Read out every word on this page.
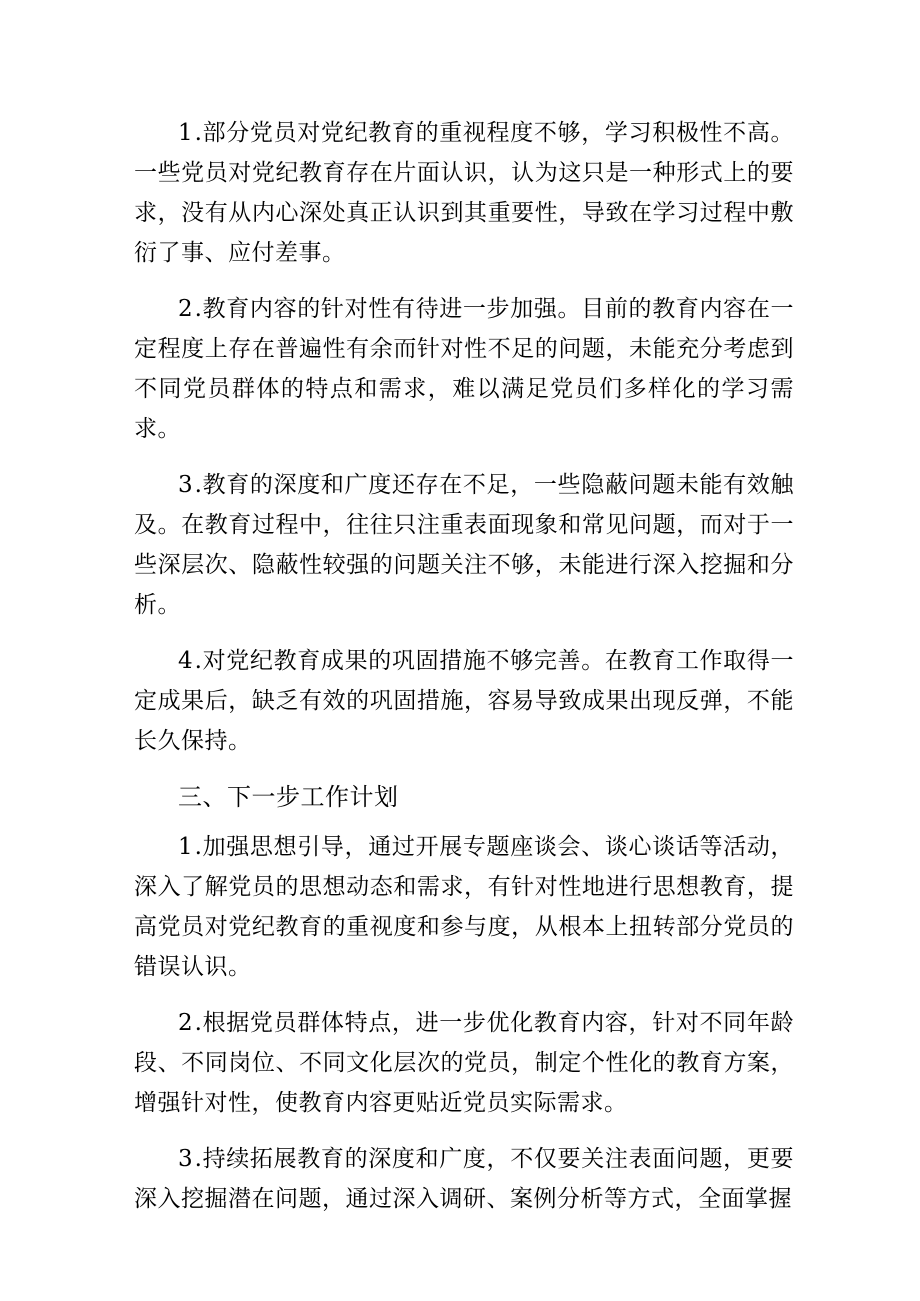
1.部分党员对党纪教育的重视程度不够，学习积极性不高。一些党员对党纪教育存在片面认识，认为这只是一种形式上的要求，没有从内心深处真正认识到其重要性，导致在学习过程中敷衍了事、应付差事。

2.教育内容的针对性有待进一步加强。目前的教育内容在一定程度上存在普遍性有余而针对性不足的问题，未能充分考虑到不同党员群体的特点和需求，难以满足党员们多样化的学习需求。

3.教育的深度和广度还存在不足，一些隐蔽问题未能有效触及。在教育过程中，往往只注重表面现象和常见问题，而对于一些深层次、隐蔽性较强的问题关注不够，未能进行深入挖掘和分析。

4.对党纪教育成果的巩固措施不够完善。在教育工作取得一定成果后，缺乏有效的巩固措施，容易导致成果出现反弹，不能长久保持。

三、下一步工作计划

1.加强思想引导，通过开展专题座谈会、谈心谈话等活动，深入了解党员的思想动态和需求，有针对性地进行思想教育，提高党员对党纪教育的重视度和参与度，从根本上扭转部分党员的错误认识。

2.根据党员群体特点，进一步优化教育内容，针对不同年龄段、不同岗位、不同文化层次的党员，制定个性化的教育方案，增强针对性，使教育内容更贴近党员实际需求。

3.持续拓展教育的深度和广度，不仅要关注表面问题，更要深入挖掘潜在问题，通过深入调研、案例分析等方式，全面掌握
